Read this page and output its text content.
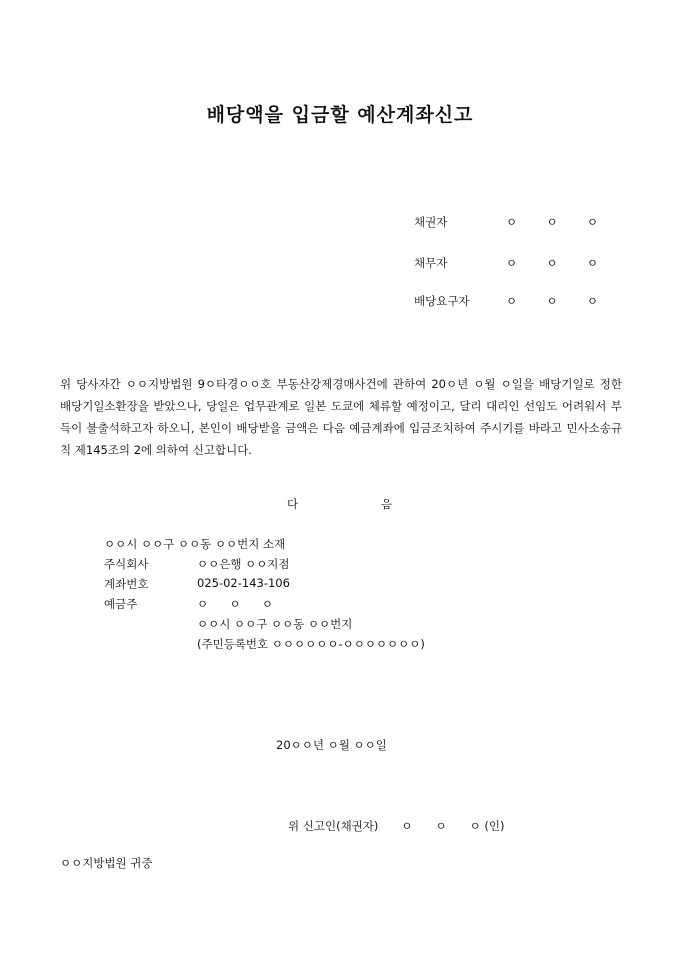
배당액을 입금할 예산계좌신고
채권자	ㅇ ㅇ ㅇ
채무자	ㅇ ㅇ ㅇ
배당요구자	ㅇ ㅇ ㅇ
위 당사자간 ㅇㅇ지방법원 9ㅇ타경ㅇㅇ호 부동산강제경매사건에 관하여 20ㅇ년 ㅇ월 ㅇ일을 배당기일로 정한 배당기일소환장을 받았으나, 당일은 업무관계로 일본 도쿄에 체류할 예정이고, 달리 대리인 선임도 어려워서 부득이 불출석하고자 하오니, 본인이 배당받을 금액은 다음 예금계좌에 입금조치하여 주시기를 바라고 민사소송규칙 제145조의 2에 의하여 신고합니다.
다	음
ㅇㅇ시 ㅇㅇ구 ㅇㅇ동 ㅇㅇ번지 소재
주식회사	ㅇㅇ은행 ㅇㅇ지점
계좌번호	025-02-143-106
예금주	ㅇ ㅇ ㅇ
ㅇㅇ시 ㅇㅇ구 ㅇㅇ동 ㅇㅇ번지
(주민등록번호 ㅇㅇㅇㅇㅇㅇ-ㅇㅇㅇㅇㅇㅇㅇ)
20ㅇㅇ년 ㅇ월 ㅇㅇ일
위 신고인(채권자)　　ㅇ　　ㅇ　　ㅇ (인)
ㅇㅇ지방법원 귀중
